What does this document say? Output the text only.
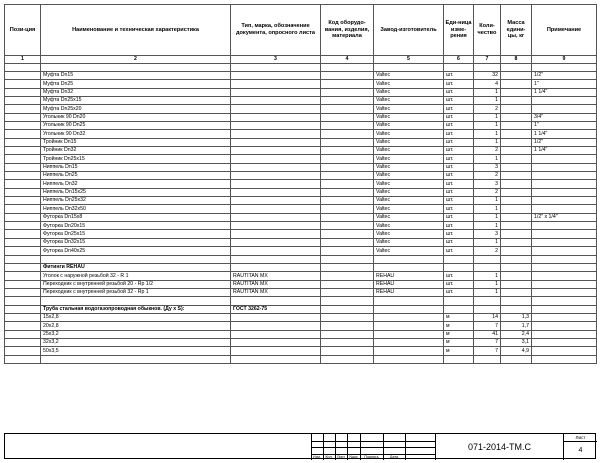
Пози-ция	Наименование и техническая характеристика	Тип, марка, обозначение документа, опросного листа	Код оборудо-вания, изделия, материала	Завод-изготовитель	Еди-ница изме-рения	Коли-чество	Масса едини-цы, кг	Примечание
1	2	3	4	5	6	7	8	9

	Муфта Dn15			Valtec	шт.	32		1/2"
	Муфта Dn25			Valtec	шт.	4		1"
	Муфта Dn32			Valtec	шт.	1		1 1/4"
	Муфта Dn25x15			Valtec	шт.	1		
	Муфта Dn25x20			Valtec	шт.	2		
	Угольник 90 Dn20			Valtec	шт.	1		3/4"
	Угольник 90 Dn25			Valtec	шт.	1		1"
	Угольник 90 Dn32			Valtec	шт.	1		1 1/4"
	Тройник Dn15			Valtec	шт.	1		1/2"
	Тройник Dn32			Valtec	шт.	2		1 1/4"
	Тройник Dn25x15			Valtec	шт.	1		
	Ниппель Dn15			Valtec	шт.	3		
	Ниппель Dn25			Valtec	шт.	2		
	Ниппель Dn32			Valtec	шт.	3		
	Ниппель Dn15x25			Valtec	шт.	2		
	Ниппель Dn25x32			Valtec	шт.	1		
	Ниппель Dn32x50			Valtec	шт.	1		
	Футорка Dn15x8			Valtec	шт.	1		1/2" x 1/4"
	Футорка Dn20x15			Valtec	шт.	1		
	Футорка Dn25x15			Valtec	шт.	3		
	Футорка Dn32x15			Valtec	шт.	1		
	Футорка Dn40x25			Valtec	шт.	2		

	Фитинги REHAU							
	Уголок с наружной резьбой 32 - R 1	RAUTITAN MX		REHAU	шт.	1		
	Переходник с внутренней резьбой 20 - Rp 1/2	RAUTITAN MX		REHAU	шт.	1		
	Переходник с внутренней резьбой 32 - Rp 1	RAUTITAN MX		REHAU	шт.	1		

	Труба стальная водогазопроводная обыкнов. (Ду x S):	ГОСТ 3262-75						
	15x2,8				м	14	1,3	
	20x2,8				м	7	1,7	
	25x3,2				м	41	2,4	
	32x3,2				м	7	3,1	
	50x3,5				м	7	4,9	

Изм.	Кол.	Лист	Nдок	Подпись	Дата
071-2014-ТМ.С
Лист
4
